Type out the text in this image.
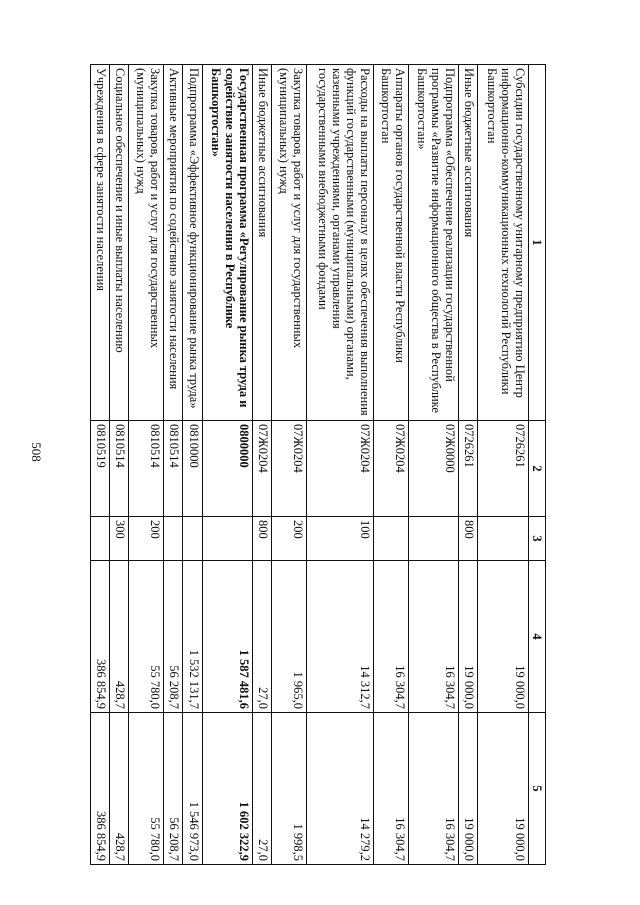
508
1	2	3	4	5
Субсидии государственному унитарному предприятию Центр информационно-коммуникационных технологий Республики Башкортостан	0726261		19 000,0	19 000,0
Иные бюджетные ассигнования	0726261	800	19 000,0	19 000,0
Подпрограмма «Обеспечение реализации государственной программы «Развитие информационного общества в Республике Башкортостан»	07Ж0000		16 304,7	16 304,7
Аппараты органов государственной власти Республики Башкортостан	07Ж0204		16 304,7	16 304,7
Расходы на выплаты персоналу в целях обеспечения выполнения функций государственными (муниципальными) органами, казенными учреждениями, органами управления государственными внебюджетными фондами	07Ж0204	100	14 312,7	14 279,2
Закупка товаров, работ и услуг для государственных (муниципальных) нужд	07Ж0204	200	1 965,0	1 998,5
Иные бюджетные ассигнования	07Ж0204	800	27,0	27,0
Государственная программа «Регулирование рынка труда и содействие занятости населения в Республике Башкортостан»	0800000		1 587 481,6	1 602 322,9
Подпрограмма «Эффективное функционирование рынка труда»	0810000		1 532 131,7	1 546 973,0
Активные мероприятия по содействию занятости населения	0810514		56 208,7	56 208,7
Закупка товаров, работ и услуг для государственных (муниципальных) нужд	0810514	200	55 780,0	55 780,0
Социальное обеспечение и иные выплаты населению	0810514	300	428,7	428,7
Учреждения в сфере занятости населения	0810519		386 854,9	386 854,9
